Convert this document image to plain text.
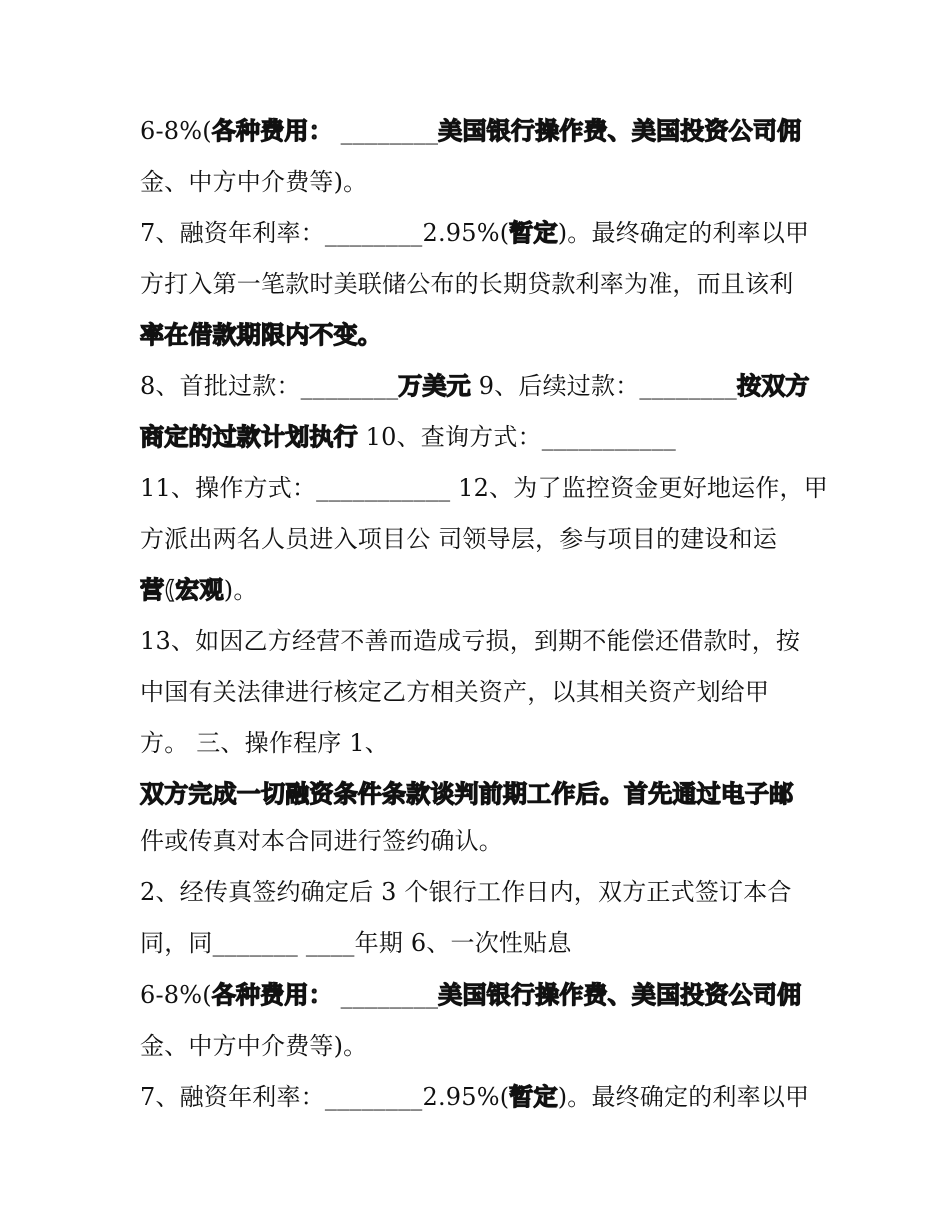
6-8%(各种费用： ________美国银行操作费、美国投资公司佣
金、中方中介费等)。
7、融资年利率：________2.95%(暂定)。最终确定的利率以甲
方打入第一笔款时美联储公布的长期贷款利率为准，而且该利
率在借款期限内不变。
8、首批过款：________万美元 9、后续过款：________按双方
商定的过款计划执行 10、查询方式：___________
11、操作方式：___________ 12、为了监控资金更好地运作，甲
方派出两名人员进入项目公 司领导层，参与项目的建设和运
营(宏观)。
13、如因乙方经营不善而造成亏损，到期不能偿还借款时，按
中国有关法律进行核定乙方相关资产，以其相关资产划给甲
方。 三、操作程序 1、
双方完成一切融资条件条款谈判前期工作后。首先通过电子邮
件或传真对本合同进行签约确认。
2、经传真签约确定后 3 个银行工作日内，双方正式签订本合
同，同_______ ____年期 6、一次性贴息
6-8%(各种费用： ________美国银行操作费、美国投资公司佣
金、中方中介费等)。
7、融资年利率：________2.95%(暂定)。最终确定的利率以甲
